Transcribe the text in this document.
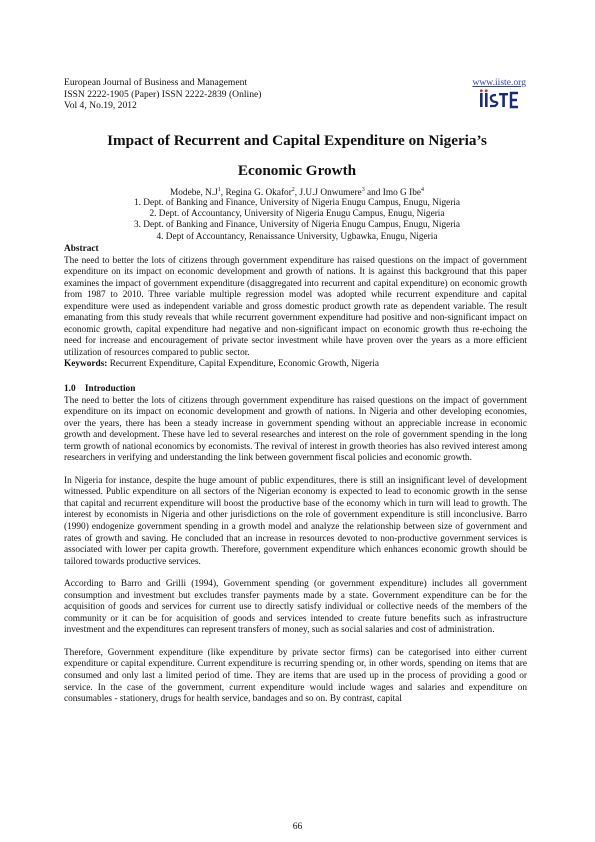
European Journal of Business and Management
ISSN 2222-1905 (Paper) ISSN 2222-2839 (Online)
Vol 4, No.19, 2012
www.iiste.org
Impact of Recurrent and Capital Expenditure on Nigeria’s
Economic Growth
Modebe, $N.J^1$, Regina G. Okafor$^2$, J.U.J Onwumere$^3$ and Imo G Ibe$^4$
1. Dept. of Banking and Finance, University of Nigeria Enugu Campus, Enugu, Nigeria
2. Dept. of Accountancy, University of Nigeria Enugu Campus, Enugu, Nigeria
3. Dept. of Banking and Finance, University of Nigeria Enugu Campus, Enugu, Nigeria
4. Dept of Accountancy, Renaissance University, Ugbawka, Enugu, Nigeria
Abstract

The need to better the lots of citizens through government expenditure has raised questions on the impact of government expenditure on its impact on economic development and growth of nations. It is against this background that this paper examines the impact of government expenditure (disaggregated into recurrent and capital expenditure) on economic growth from 1987 to 2010. Three variable multiple regression model was adopted while recurrent expenditure and capital expenditure were used as independent variable and gross domestic product growth rate as dependent variable. The result emanating from this study reveals that while recurrent government expenditure had positive and non-significant impact on economic growth, capital expenditure had negative and non-significant impact on economic growth thus re-echoing the need for increase and encouragement of private sector investment while have proven over the years as a more efficient utilization of resources compared to public sector.

Keywords: Recurrent Expenditure, Capital Expenditure, Economic Growth, Nigeria
1.0    Introduction

The need to better the lots of citizens through government expenditure has raised questions on the impact of government expenditure on its impact on economic development and growth of nations. In Nigeria and other developing economies, over the years, there has been a steady increase in government spending without an appreciable increase in economic growth and development. These have led to several researches and interest on the role of government spending in the long term growth of national economics by economists. The revival of interest in growth theories has also revived interest among researchers in verifying and understanding the link between government fiscal policies and economic growth.

In Nigeria for instance, despite the huge amount of public expenditures, there is still an insignificant level of development witnessed. Public expenditure on all sectors of the Nigerian economy is expected to lead to economic growth in the sense that capital and recurrent expenditure will boost the productive base of the economy which in turn will lead to growth. The interest by economists in Nigeria and other jurisdictions on the role of government expenditure is still inconclusive. Barro (1990) endogenize government spending in a growth model and analyze the relationship between size of government and rates of growth and saving. He concluded that an increase in resources devoted to non-productive government services is associated with lower per capita growth. Therefore, government expenditure which enhances economic growth should be tailored towards productive services.

According to Barro and Grilli (1994), Government spending (or government expenditure) includes all government consumption and investment but excludes transfer payments made by a state. Government expenditure can be for the acquisition of goods and services for current use to directly satisfy individual or collective needs of the members of the community or it can be for acquisition of goods and services intended to create future benefits such as infrastructure investment and the expenditures can represent transfers of money, such as social salaries and cost of administration.

Therefore, Government expenditure (like expenditure by private sector firms) can be categorised into either current expenditure or capital expenditure. Current expenditure is recurring spending or, in other words, spending on items that are consumed and only last a limited period of time. They are items that are used up in the process of providing a good or service. In the case of the government, current expenditure would include wages and salaries and expenditure on consumables - stationery, drugs for health service, bandages and so on. By contrast, capital

66
